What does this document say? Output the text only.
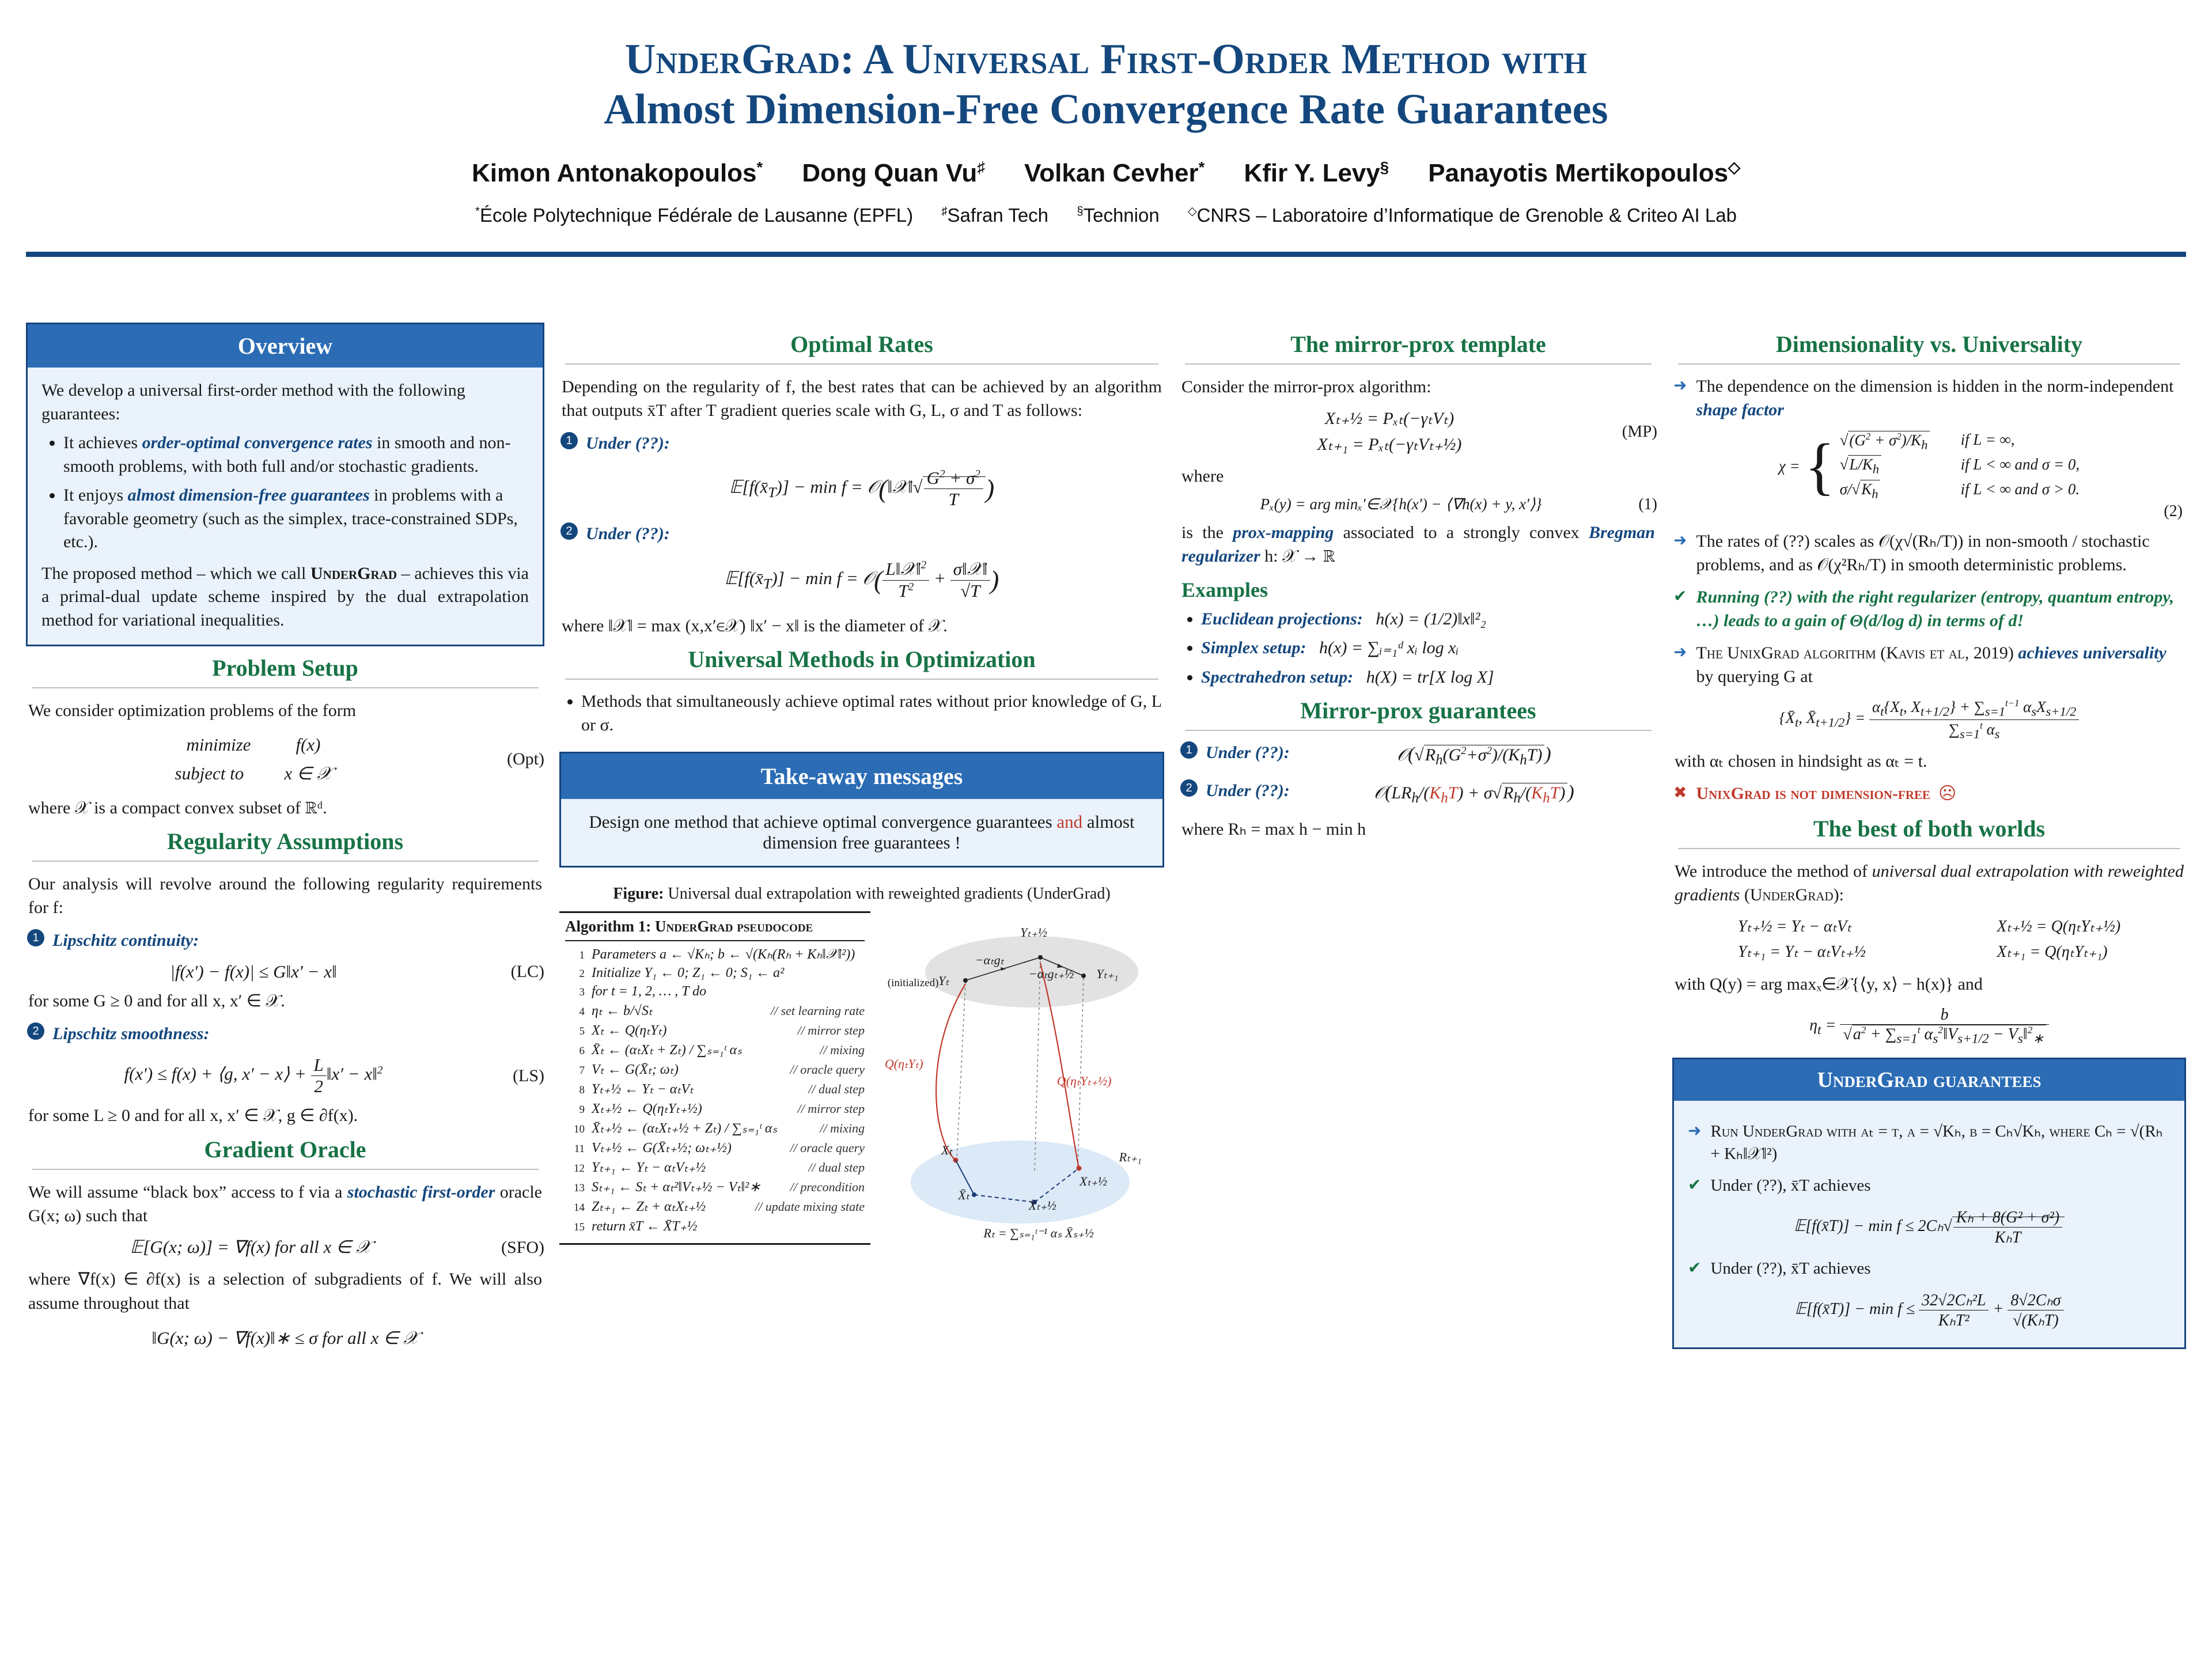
UnderGrad: A Universal First-Order Method with
Almost Dimension-Free Convergence Rate Guarantees
Kimon Antonakopoulos* Dong Quan Vu♯ Volkan Cevher* Kfir Y. Levy§ Panayotis Mertikopoulos◇
*École Polytechnique Fédérale de Lausanne (EPFL) ♯Safran Tech §Technion ◇CNRS – Laboratoire d’Informatique de Grenoble & Criteo AI Lab
Overview
We develop a universal first-order method with the following guarantees:
• It achieves order-optimal convergence rates in smooth and non-smooth problems, with both full and/or stochastic gradients.
• It enjoys almost dimension-free guarantees in problems with a favorable geometry (such as the simplex, trace-constrained SDPs, etc.).
The proposed method – which we call UnderGrad – achieves this via a primal-dual update scheme inspired by the dual extrapolation method for variational inequalities.
Problem Setup
We consider optimization problems of the form
minimize	f(x)
subject to x ∈ 𝒳
(Opt)
where 𝒳 is a compact convex subset of ℝᵈ.
Regularity Assumptions
Our analysis will revolve around the following regularity requirements for f:
1 Lipschitz continuity:
|f(x′) − f(x)| ≤ G‖x′ − x‖	(LC)
for some G ≥ 0 and for all x, x′ ∈ 𝒳.
2 Lipschitz smoothness:
f(x′) ≤ f(x) + ⟨g, x′ − x⟩ + $\frac{L}{2}$ ‖x′ − x‖$^2$	(LS)
for some L ≥ 0 and for all x, x′ ∈ 𝒳, g ∈ ∂f(x).
Gradient Oracle
We will assume “black box” access to f via a stochastic first-order oracle G(x; ω) such that
𝔼[G(x; ω)] = ∇f(x) for all x ∈ 𝒳	(SFO)
where ∇f(x) ∈ ∂f(x) is a selection of subgradients of f. We will also assume throughout that
‖G(x; ω) − ∇f(x)‖∗ ≤ σ for all x ∈ 𝒳
Optimal Rates
Depending on the regularity of f, the best rates that can be achieved by an algorithm that outputs x̄T after T gradient queries scale with G, L, σ and T as follows:
1 Under (??):
$𝔼[f(x̄_T)] - \min f$ = 𝒪(‖𝒳‖√ $\frac{G^2 + \sigma^2}{T}$ )
2 Under (??):
$𝔼[f(x̄_T)] - \min f$ = 𝒪( L‖𝒳‖$^2$
$T^2$ + σ‖𝒳‖
√T )
where ‖𝒳‖ = max (x,x′∈𝒳) ‖x′ − x‖ is the diameter of 𝒳.
Universal Methods in Optimization
• Methods that simultaneously achieve optimal rates without prior knowledge of G, L or σ.
Take-away messages
Design one method that achieve optimal convergence guarantees and almost dimension free guarantees !
Figure: Universal dual extrapolation with reweighted gradients (UnderGrad)
Algorithm 1: UnderGrad pseudocode
1 Parameters a ← √Kₕ; b ← √(Kₕ(Rₕ + Kₕ‖𝒳‖²))
2 Initialize Y₁ ← 0; Z₁ ← 0; S₁ ← a²
3 for t = 1, 2, … , T do
4 ηₜ ← b/√Sₜ	// set learning rate
5 Xₜ ← Q(ηₜYₜ)	// mirror step
6 X̄ₜ ← (αₜXₜ + Zₜ) / ∑ₛ₌₁ᵗ αₛ	// mixing
7 Vₜ ← G(X̄ₜ; ωₜ)	// oracle query
8 Yₜ₊½ ← Yₜ − αₜVₜ	// dual step
9 Xₜ₊½ ← Q(ηₜYₜ₊½)	// mirror step
10 X̄ₜ₊½ ← (αₜXₜ₊½ + Zₜ) / ∑ₛ₌₁ᵗ αₛ	// mixing
11 Vₜ₊½ ← G(X̄ₜ₊½; ωₜ₊½)	// oracle query
12 Yₜ₊₁ ← Yₜ − αₜVₜ₊½	// dual step
13 Sₜ₊₁ ← Sₜ + αₜ²‖Vₜ₊½ − Vₜ‖²∗	// precondition
14 Zₜ₊₁ ← Zₜ + αₜXₜ₊½	// update mixing state
15 return x̄T ← X̄T₊½
(initialized) Yₜ
Yₜ₊½
Yₜ₊₁
−αₜgₜ
−αₜgₜ₊½
Q(ηₜYₜ)
Q(ηₜYₜ₊½)
Xₜ
X̄ₜ
X̄ₜ₊½
Xₜ₊½
Rₜ₊₁
Rₜ = ∑ₛ₌₁ᵗ⁻¹ αₛ X̄ₛ₊½
The mirror-prox template
Consider the mirror-prox algorithm:
Xₜ₊½ = Pₓₜ(−γₜVₜ)
Xₜ₊₁ = Pₓₜ(−γₜVₜ₊½)
(MP)
where
Pₓ(y) = arg minₓ′∈𝒳{h(x′) − ⟨∇h(x) + y, x′⟩}	(1)
is the prox-mapping associated to a strongly convex Bregman regularizer h: 𝒳 → ℝ
Examples
• Euclidean projections: h(x) = (1/2)‖x‖²₂
• Simplex setup: h(x) = ∑ᵢ₌₁ᵈ xᵢ log xᵢ
• Spectrahedron setup: h(X) = tr[X log X]
Mirror-prox guarantees
1 Under (??):	$𝒪(√R_h(G^2+\sigma^2)/(K_hT)$ )
2 Under (??):	$𝒪(LR_h/(K_hT) + \sigma√R_h/(K_hT)$ )
where Rₕ = max h − min h
Dimensionality vs. Universality
➜ The dependence on the dimension is hidden in the norm-independent shape factor
χ = { $√(G^2 + \sigma^2)/K_h$	if L = ∞,
$√L/K_h$	if L < ∞ and σ = 0,
$\sigma/√K_h$	if L < ∞ and σ > 0.
(2)
➜ The rates of (??) scales as 𝒪(χ√(Rₕ/T)) in non-smooth / stochastic problems, and as 𝒪(χ²Rₕ/T) in smooth deterministic problems.
✔ Running (??) with the right regularizer (entropy, quantum entropy, …) leads to a gain of Θ(d/log d) in terms of d!
➜ The UnixGrad algorithm (Kavis et al, 2019) achieves universality by querying G at
{$X̄_t$, $X̄_{t+1/2}$} =
$\alpha_t\{X_t$, $X_{t+1/2}\} + \sum_{s=1}^{t-1}$ $\alpha_sX_{s+1/2}$
$\sum_{s=1}^t$ $\alpha_s$
with αₜ chosen in hindsight as αₜ = t.
✖ UnixGrad is not dimension-free ☹
The best of both worlds
We introduce the method of universal dual extrapolation with reweighted gradients (UnderGrad):
Yₜ₊½ = Yₜ − αₜVₜ
Yₜ₊₁ = Yₜ − αₜVₜ₊½
Xₜ₊½ = Q(ηₜYₜ₊½)
Xₜ₊₁ = Q(ηₜYₜ₊₁)
with Q(y) = arg maxₓ∈𝒳{⟨y, x⟩ − h(x)} and
$\eta_t = \frac{b}{√a^2 + \sum_{s=1}^t \alpha_s^2‖V_{s+1/2} - V_s‖^2_∗}$
UnderGrad guarantees
➜ Run UnderGrad with αₜ = t, a = √Kₕ, b = Cₕ√Kₕ, where Cₕ = √(Rₕ + Kₕ‖𝒳‖²)
✔ Under (??), x̄T achieves
𝔼[f(x̄T)] − min f ≤ 2Cₕ√ Kₕ + 8(G² + σ²)
KₕT
✔ Under (??), x̄T achieves
𝔼[f(x̄T)] − min f ≤ 32√2Cₕ²L
KₕT²
+ 8√2Cₕσ
√(KₕT)
